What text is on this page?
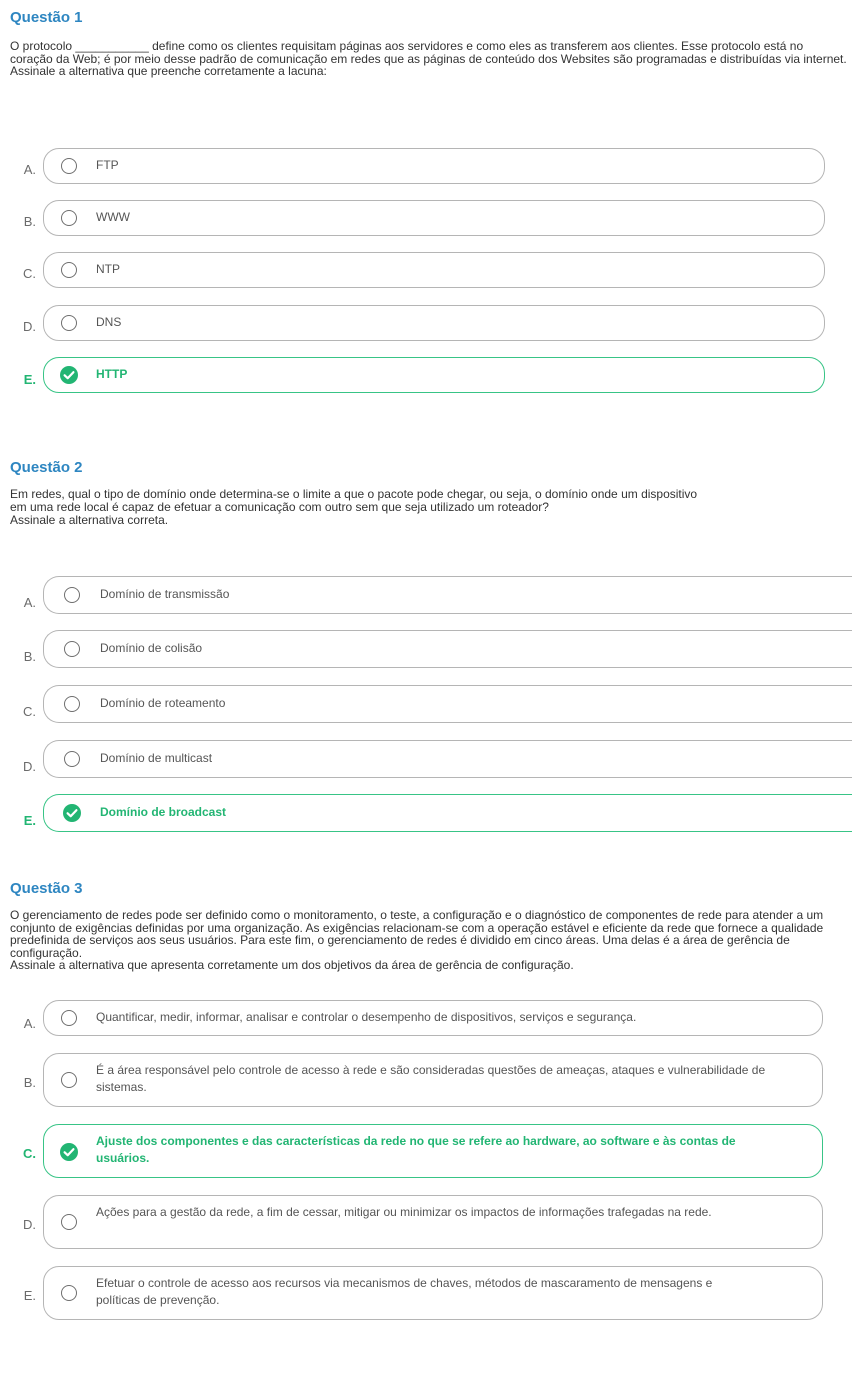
Questão 1

O protocolo ___________ define como os clientes requisitam páginas aos servidores e como eles as transferem aos clientes. Esse protocolo está no coração da Web; é por meio desse padrão de comunicação em redes que as páginas de conteúdo dos Websites são programadas e distribuídas via internet.

Assinale a alternativa que preenche corretamente a lacuna:

A.	FTP
B.	WWW
C.	NTP
D.	DNS
E.	HTTP
Questão 2

Em redes, qual o tipo de domínio onde determina-se o limite a que o pacote pode chegar, ou seja, o domínio onde um dispositivo

em uma rede local é capaz de efetuar a comunicação com outro sem que seja utilizado um roteador?
Assinale a alternativa correta.
A.
Domínio de transmissão
B.
Domínio de colisão
C.
Domínio de roteamento
D.
Domínio de multicast
E.
Domínio de broadcast
Questão 3

O gerenciamento de redes pode ser definido como o monitoramento, o teste, a configuração e o diagnóstico de componentes de rede para atender a um conjunto de exigências definidas por uma organização. As exigências relacionam-se com a operação estável e eficiente da rede que fornece a qualidade predefinida de serviços aos seus usuários. Para este fim, o gerenciamento de redes é dividido em cinco áreas. Uma delas é a área de gerência de configuração.

Assinale a alternativa que apresenta corretamente um dos objetivos da área de gerência de configuração.

A.	Quantificar, medir, informar, analisar e controlar o desempenho de dispositivos, serviços e segurança.
B.
É a área responsável pelo controle de acesso à rede e são consideradas questões de ameaças, ataques e vulnerabilidade de sistemas.
C.
Ajuste dos componentes e das características da rede no que se refere ao hardware, ao software e às contas de usuários.
D.
Ações para a gestão da rede, a fim de cessar, mitigar ou minimizar os impactos de informações trafegadas na rede.
E.
Efetuar o controle de acesso aos recursos via mecanismos de chaves, métodos de mascaramento de mensagens e políticas de prevenção.
